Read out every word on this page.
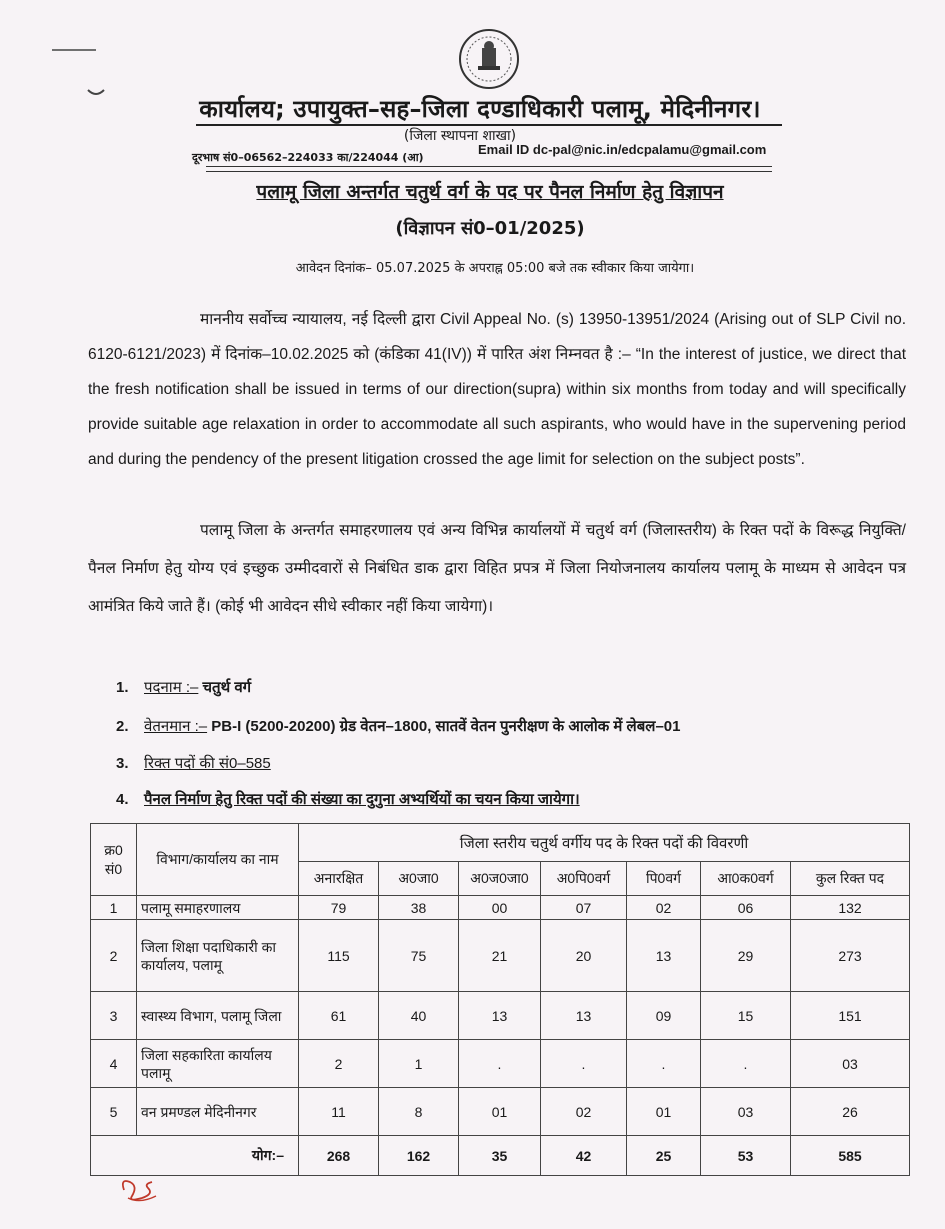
कार्यालय; उपायुक्त–सह–जिला दण्डाधिकारी पलामू, मेदिनीनगर।
(जिला स्थापना शाखा)
दूरभाष सं0–06562–224033 का/224044 (आ)
Email ID dc-pal@nic.in/edcpalamu@gmail.com
पलामू जिला अन्तर्गत चतुर्थ वर्ग के पद पर पैनल निर्माण हेतु विज्ञापन
(विज्ञापन सं0–01/2025)
आवेदन दिनांक– 05.07.2025 के अपराह्न 05:00 बजे तक स्वीकार किया जायेगा।
माननीय सर्वोच्च न्यायालय, नई दिल्ली द्वारा Civil Appeal No. (s) 13950-13951/2024 (Arising out of SLP Civil no. 6120-6121/2023) में दिनांक–10.02.2025 को (कंडिका 41(IV)) में पारित अंश निम्नवत है :– “In the interest of justice, we direct that the fresh notification shall be issued in terms of our direction(supra) within six months from today and will specifically provide suitable age relaxation in order to accommodate all such aspirants, who would have in the supervening period and during the pendency of the present litigation crossed the age limit for selection on the subject posts”.
पलामू जिला के अन्तर्गत समाहरणालय एवं अन्य विभिन्न कार्यालयों में चतुर्थ वर्ग (जिलास्तरीय) के रिक्त पदों के विरूद्ध नियुक्ति/पैनल निर्माण हेतु योग्य एवं इच्छुक उम्मीदवारों से निबंधित डाक द्वारा विहित प्रपत्र में जिला नियोजनालय कार्यालय पलामू के माध्यम से आवेदन पत्र आमंत्रित किये जाते हैं। (कोई भी आवेदन सीधे स्वीकार नहीं किया जायेगा)।
1. पदनाम :– चतुर्थ वर्ग
2. वेतनमान :– PB-I (5200-20200) ग्रेड वेतन–1800, सातवें वेतन पुनरीक्षण के आलोक में लेबल–01
3. रिक्त पदों की सं0–585
4. पैनल निर्माण हेतु रिक्त पदों की संख्या का दुगुना अभ्यर्थियों का चयन किया जायेगा।
क्र0 सं0	विभाग/कार्यालय का नाम	जिला स्तरीय चतुर्थ वर्गीय पद के रिक्त पदों की विवरणी						
		अनारक्षित	अ0जा0	अ0ज0जा0	अ0पि0वर्ग	पि0वर्ग	आ0क0वर्ग	कुल रिक्त पद
1	पलामू समाहरणालय	79	38	00	07	02	06	132
2	जिला शिक्षा पदाधिकारी का कार्यालय, पलामू	115	75	21	20	13	29	273
3	स्वास्थ्य विभाग, पलामू जिला	61	40	13	13	09	15	151
4	जिला सहकारिता कार्यालय पलामू	2	1	.	.	.	.	03
5	वन प्रमण्डल मेदिनीनगर	11	8	01	02	01	03	26
योग:–		268	162	35	42	25	53	585
